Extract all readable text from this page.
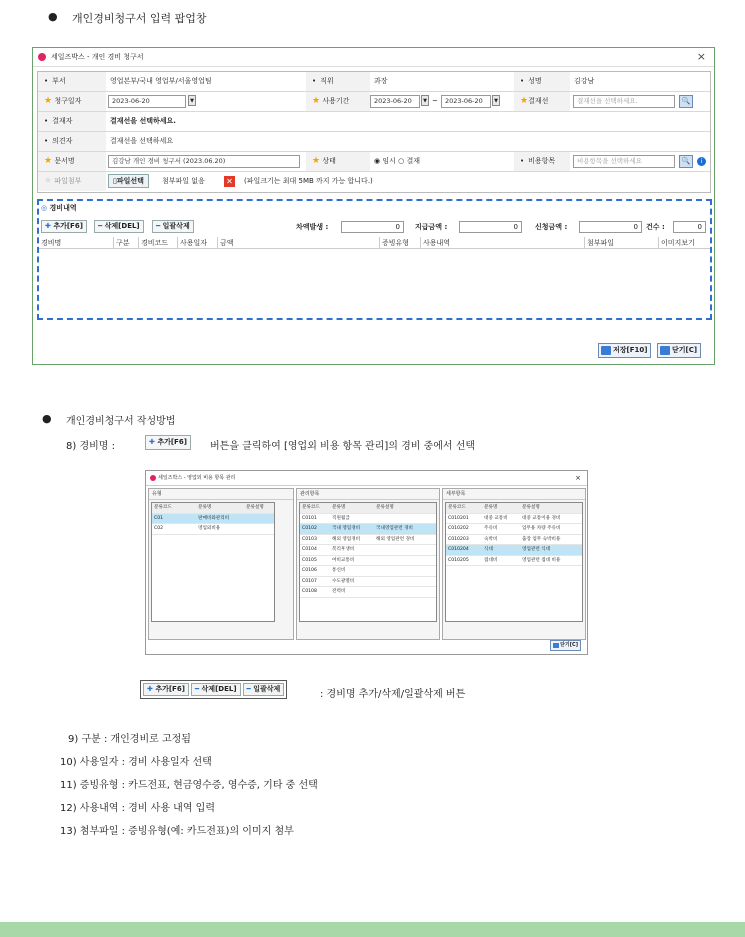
● 개인경비청구서 입력 팝업창
세일즈박스 - 개인 경비 청구서	×
• 부서	영업본부/국내 영업부/서울영업팀	• 직위	과장	• 성명	김강남
★ 청구일자	2023-06-20	▼	★ 사용기간	2023-06-20	▼ ~	2023-06-20	▼	★결재선	결재선을 선택하세요.	🔍
• 결재자	결재선을 선택하세요.
• 의견자	결재선을 선택하세요
★ 문서명	김강남 개인 경비 청구서 (2023.06.20)	★ 상태	◉ 임시 ○ 결재	• 비용항목	비용항목을 선택하세요	🔍	i
★ 파일첨부	▯파일선택	첨부파일 없음	✕	(파일크기는 최대 5MB 까지 가능 합니다.)
저장[F10]	닫기[C]
◎ 경비내역
✚ 추가[F6]	━ 삭제[DEL]	━ 일괄삭제	차액발생 :	0	지급금액 :	0	신청금액 :	0	건수 :	0
경비명	구분	경비코드	사용일자	금액	증빙유형	사용내역	첨부파일	이미지보기
● 개인경비청구서 작성방법
8) 경비명 :	✚ 추가[F6]	버튼을 클릭하여 [영업외 비용 항목 관리]의 경비 중에서 선택
세일즈박스 - 영업외 비용 항목 관리	×
유형
분류코드	분류명	분류설명
C01	판매비와관리비
C02	영업외비용
관리항목
분류코드	분류명	분류설명
C0101	직원월급
C0102	국내 영업경비	국내영업관련 경비
C0103	해외 영업경비	해외 영업관련 경비
C0104	복리후생비
C0105	여비교통비
C0106	통신비
C0107	수도광열비
C0108	전력비
세부항목
분류코드	분류명	분류설명
C010201	대중 교통비	대중 교통이용 경비
C010202	주유비	업무용 차량 주유비
C010203	숙박비	출장 업무 숙박비용
C010204	식대	영업관련 식대
C010205	접대비	영업관련 접대 비용
닫기[C]
✚ 추가[F6] ━ 삭제[DEL] ━ 일괄삭제	: 경비명 추가/삭제/일괄삭제 버튼
9) 구분 : 개인경비로 고정됨
10) 사용일자 : 경비 사용일자 선택
11) 증빙유형 : 카드전표, 현금영수증, 영수증, 기타 중 선택
12) 사용내역 : 경비 사용 내역 입력
13) 첨부파일 : 증빙유형(예: 카드전표)의 이미지 첨부
